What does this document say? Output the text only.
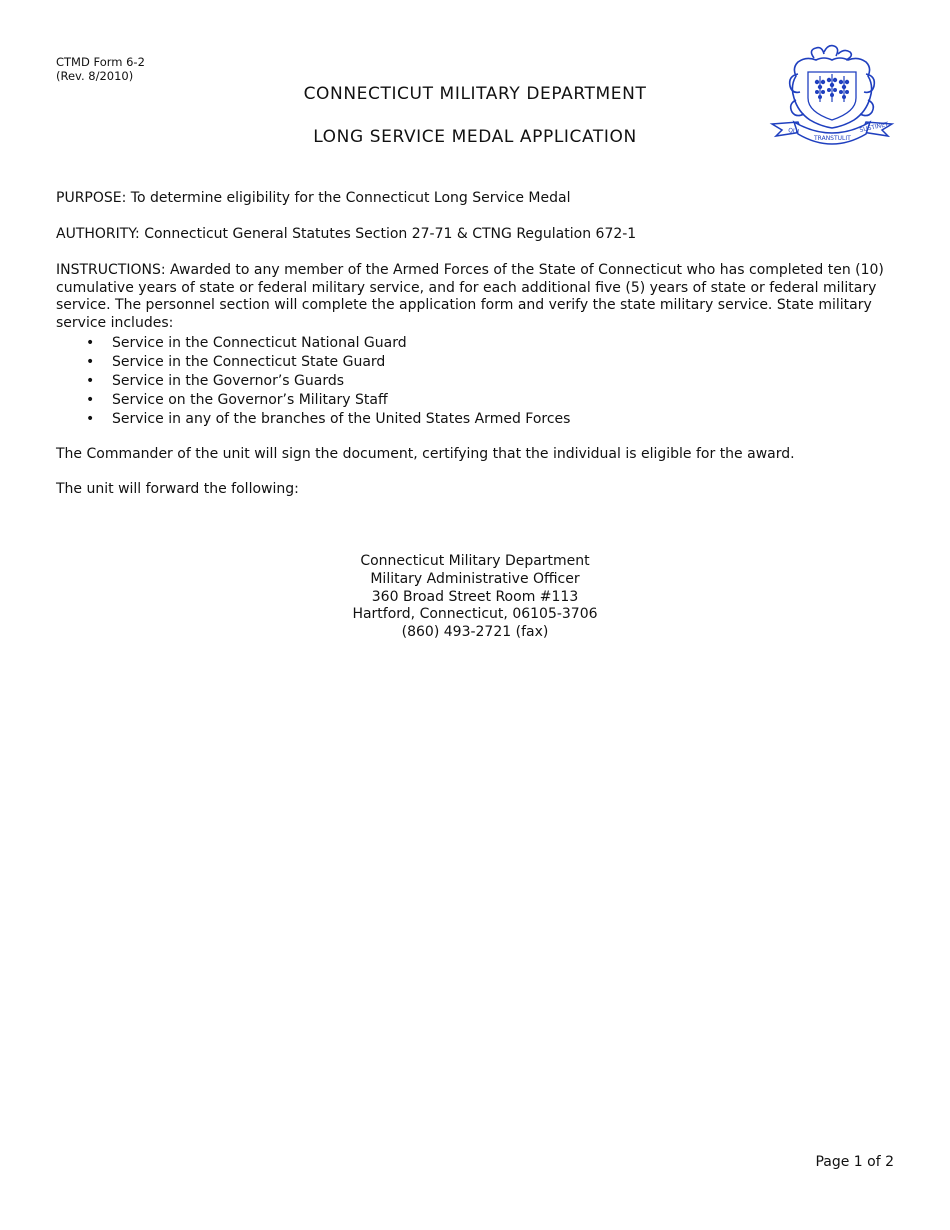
CTMD Form 6-2
(Rev. 8/2010)
CONNECTICUT MILITARY DEPARTMENT
LONG SERVICE MEDAL APPLICATION	QUI
TRANSTULIT
SUSTINET
PURPOSE: To determine eligibility for the Connecticut Long Service Medal
AUTHORITY: Connecticut General Statutes Section 27-71 & CTNG Regulation 672-1
INSTRUCTIONS: Awarded to any member of the Armed Forces of the State of Connecticut who has completed ten (10) cumulative years of state or federal military service, and for each additional five (5) years of state or federal military service. The personnel section will complete the application form and verify the state military service. State military service includes:
• Service in the Connecticut National Guard
• Service in the Connecticut State Guard
• Service in the Governor’s Guards
• Service on the Governor’s Military Staff
• Service in any of the branches of the United States Armed Forces
The Commander of the unit will sign the document, certifying that the individual is eligible for the award.
The unit will forward the following:
Connecticut Military Department
Military Administrative Officer
360 Broad Street Room #113
Hartford, Connecticut, 06105-3706
(860) 493-2721 (fax)
Page 1 of 2
